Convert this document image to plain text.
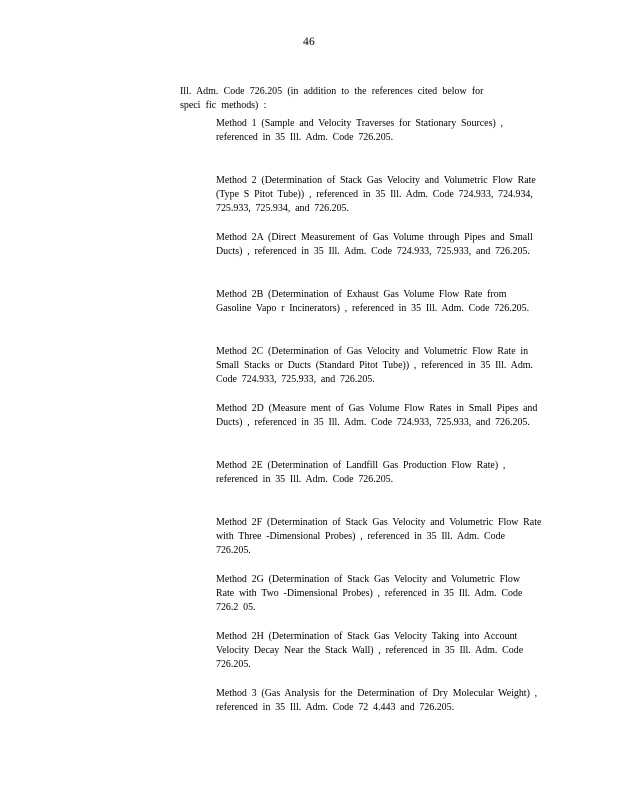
46

Ill. Adm. Code 726.205 (in addition to the references cited below for speci fic methods) :

Method 1 (Sample and Velocity Traverses for Stationary Sources) , referenced in 35 Ill. Adm. Code 726.205.

Method 2 (Determination of Stack Gas Velocity and Volumetric Flow Rate (Type S Pitot Tube)) , referenced in 35 Ill. Adm. Code 724.933, 724.934, 725.933, 725.934, and 726.205.

Method 2A (Direct Measurement of Gas Volume through Pipes and Small Ducts) , referenced in 35 Ill. Adm. Code 724.933, 725.933, and 726.205.

Method 2B (Determination of Exhaust Gas Volume Flow Rate from Gasoline Vapo r Incinerators) , referenced in 35 Ill. Adm. Code 726.205.

Method 2C (Determination of Gas Velocity and Volumetric Flow Rate in Small Stacks or Ducts (Standard Pitot Tube)) , referenced in 35 Ill. Adm. Code 724.933, 725.933, and 726.205.

Method 2D (Measure ment of Gas Volume Flow Rates in Small Pipes and Ducts) , referenced in 35 Ill. Adm. Code 724.933, 725.933, and 726.205.

Method 2E (Determination of Landfill Gas Production Flow Rate) , referenced in 35 Ill. Adm. Code 726.205.

Method 2F (Determination of Stack Gas Velocity and Volumetric Flow Rate with Three -Dimensional Probes) , referenced in 35 Ill. Adm. Code 726.205.

Method 2G (Determination of Stack Gas Velocity and Volumetric Flow Rate with Two -Dimensional Probes) , referenced in 35 Ill. Adm. Code 726.2 05.

Method 2H (Determination of Stack Gas Velocity Taking into Account Velocity Decay Near the Stack Wall) , referenced in 35 Ill. Adm. Code 726.205.

Method 3 (Gas Analysis for the Determination of Dry Molecular Weight) , referenced in 35 Ill. Adm. Code 72 4.443 and 726.205.
